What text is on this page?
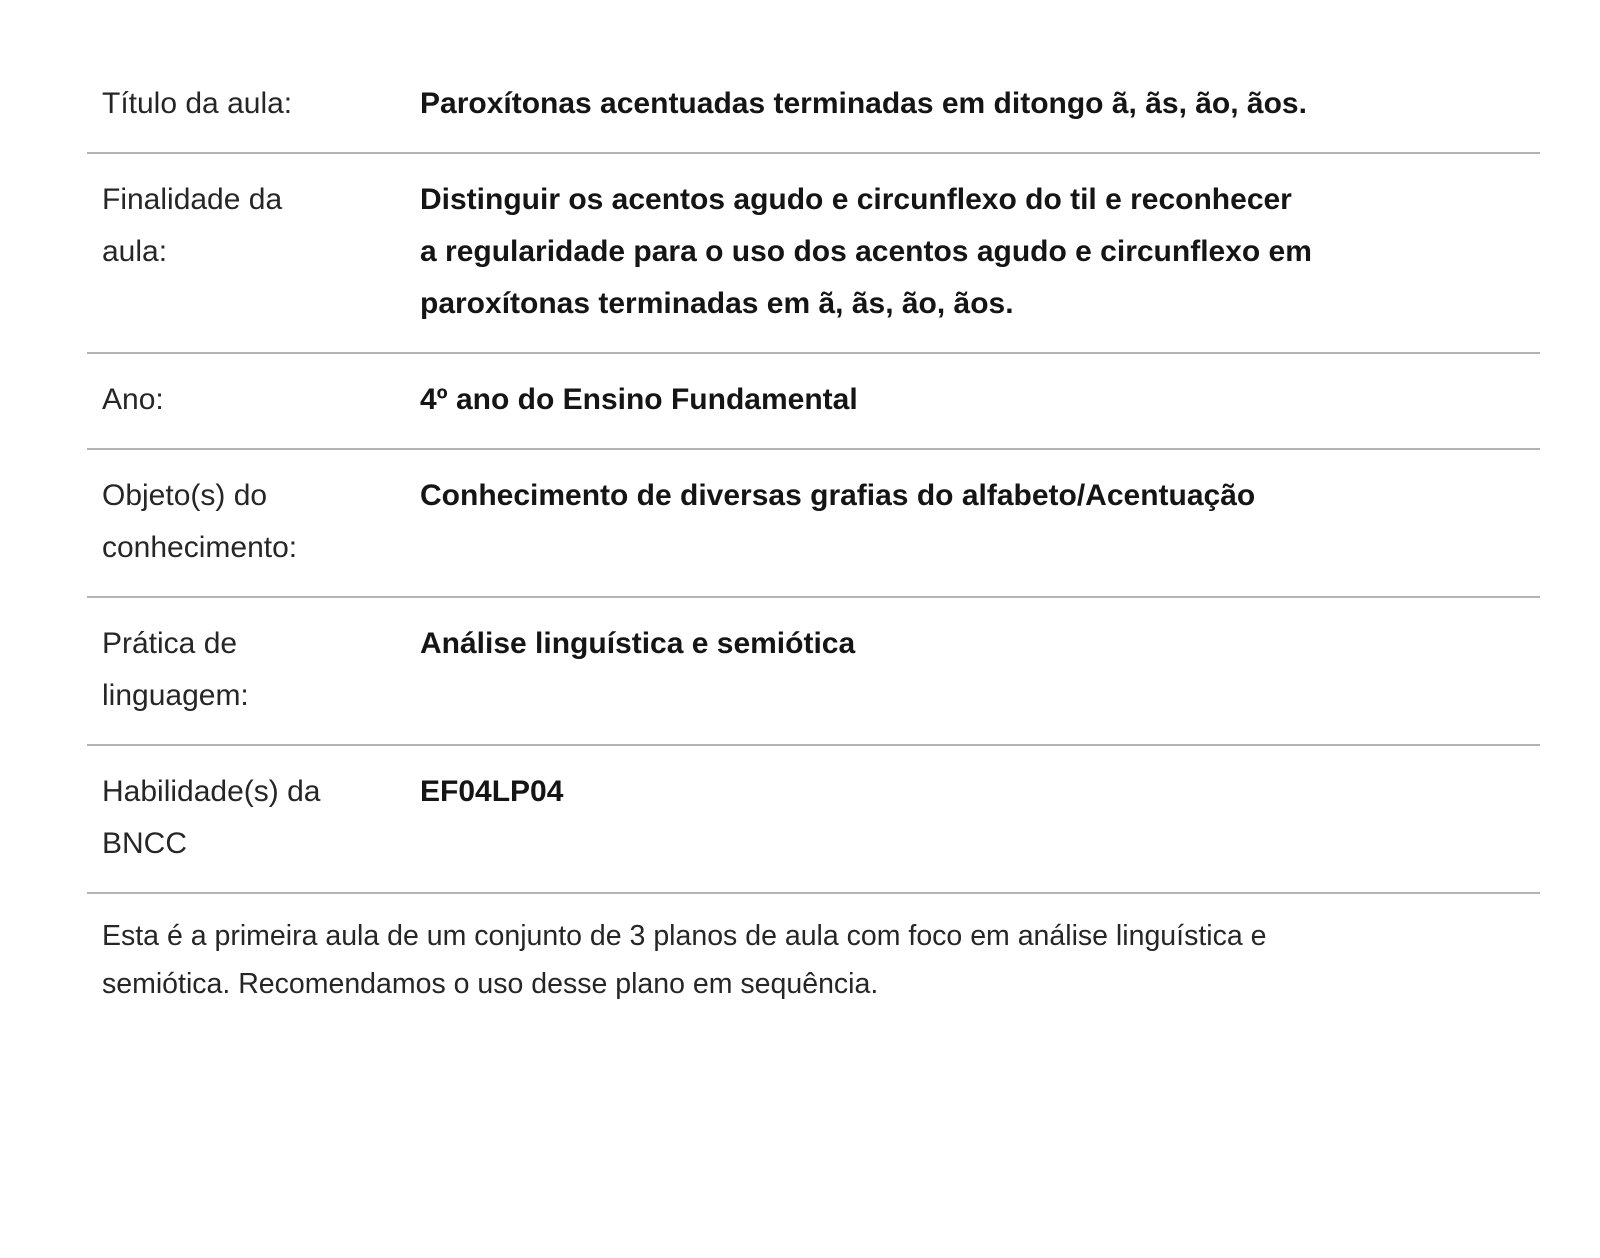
Título da aula:	Paroxítonas acentuadas terminadas em ditongo ã, ãs, ão, ãos.
Finalidade da
aula:
Distinguir os acentos agudo e circunflexo do til e reconhecer
a regularidade para o uso dos acentos agudo e circunflexo em
paroxítonas terminadas em ã, ãs, ão, ãos.
Ano:	4º ano do Ensino Fundamental
Objeto(s) do
conhecimento:
Conhecimento de diversas grafias do alfabeto/Acentuação
Prática de
linguagem:
Análise linguística e semiótica
Habilidade(s) da
BNCC
EF04LP04
Esta é a primeira aula de um conjunto de 3 planos de aula com foco em análise linguística e
semiótica. Recomendamos o uso desse plano em sequência.
